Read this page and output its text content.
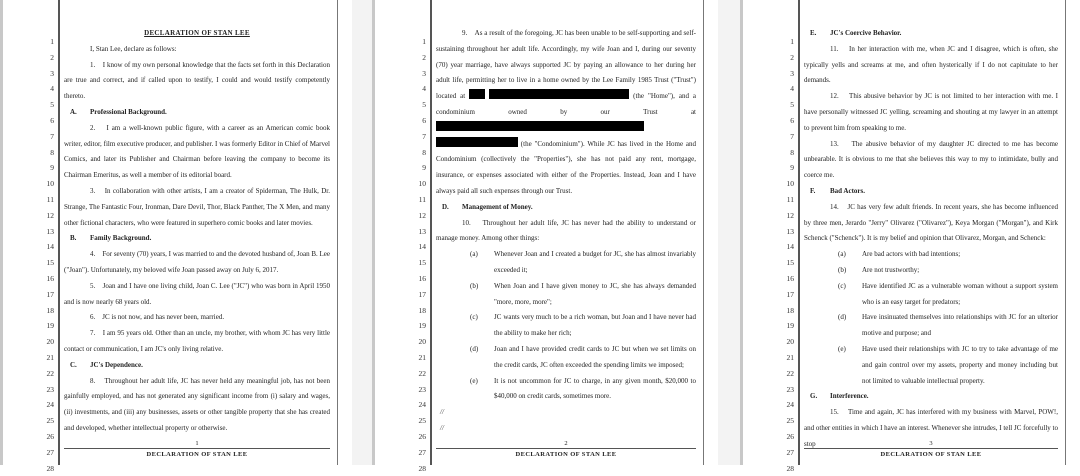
1
2
3
4
5
6
7
8
9
10
11
12
13
14
15
16
17
18
19
20
21
22
23
24
25
26
27
28

DECLARATION OF STAN LEE

I, Stan Lee, declare as follows:

1. I know of my own personal knowledge that the facts set forth in this Declaration are true and correct, and if called upon to testify, I could and would testify competently thereto.

A. Professional Background.

2. I am a well-known public figure, with a career as an American comic book writer, editor, film executive producer, and publisher. I was formerly Editor in Chief of Marvel Comics, and later its Publisher and Chairman before leaving the company to become its Chairman Emeritus, as well a member of its editorial board.

3. In collaboration with other artists, I am a creator of Spiderman, The Hulk, Dr. Strange, The Fantastic Four, Ironman, Dare Devil, Thor, Black Panther, The X Men, and many other fictional characters, who were featured in superhero comic books and later movies.

B. Family Background.

4. For seventy (70) years, I was married to and the devoted husband of, Joan B. Lee ("Joan"). Unfortunately, my beloved wife Joan passed away on July 6, 2017.

5. Joan and I have one living child, Joan C. Lee ("JC") who was born in April 1950 and is now nearly 68 years old.

6. JC is not now, and has never been, married.

7. I am 95 years old. Other than an uncle, my brother, with whom JC has very little contact or communication, I am JC's only living relative.

C. JC's Dependence.

8. Throughout her adult life, JC has never held any meaningful job, has not been gainfully employed, and has not generated any significant income from (i) salary and wages, (ii) investments, and (iii) any businesses, assets or other tangible property that she has created and developed, whether intellectual property or otherwise.

1
DECLARATION OF STAN LEE
1
2
3
4
5
6
7
8
9
10
11
12
13
14
15
16
17
18
19
20
21
22
23
24
25
26
27
28

9. As a result of the foregoing, JC has been unable to be self-supporting and self-sustaining throughout her adult life. Accordingly, my wife Joan and I, during our seventy (70) year marriage, have always supported JC by paying an allowance to her during her adult life, permitting her to live in a home owned by the Lee Family 1985 Trust ("Trust") located at	(the "Home"), and a condominium owned by our Trust at   (the "Condominium"). While JC has lived in the Home and Condominium (collectively the "Properties"), she has not paid any rent, mortgage, insurance, or expenses associated with either of the Properties. Instead, Joan and I have always paid all such expenses through our Trust.

D. Management of Money.

10. Throughout her adult life, JC has never had the ability to understand or manage money. Among other things:

(a) Whenever Joan and I created a budget for JC, she has almost invariably exceeded it;

(b) When Joan and I have given money to JC, she has always demanded "more, more, more";

(c) JC wants very much to be a rich woman, but Joan and I have never had the ability to make her rich;

(d) Joan and I have provided credit cards to JC but when we set limits on the credit cards, JC often exceeded the spending limits we imposed;

(e) It is not uncommon for JC to charge, in any given month, $20,000 to $40,000 on credit cards, sometimes more.

//

//

2
DECLARATION OF STAN LEE
1
2
3
4
5
6
7
8
9
10
11
12
13
14
15
16
17
18
19
20
21
22
23
24
25
26
27
28

E. JC's Coercive Behavior.

11. In her interaction with me, when JC and I disagree, which is often, she typically yells and screams at me, and often hysterically if I do not capitulate to her demands.

12. This abusive behavior by JC is not limited to her interaction with me. I have personally witnessed JC yelling, screaming and shouting at my lawyer in an attempt to prevent him from speaking to me.

13. The abusive behavior of my daughter JC directed to me has become unbearable. It is obvious to me that she believes this way to my to intimidate, bully and coerce me.

F. Bad Actors.

14. JC has very few adult friends. In recent years, she has become influenced by three men, Jerardo "Jerry" Olivarez ("Olivarez"), Keya Morgan ("Morgan"), and Kirk Schenck ("Schenck"). It is my belief and opinion that Olivarez, Morgan, and Schenck:

(a) Are bad actors with bad intentions;

(b) Are not trustworthy;

(c) Have identified JC as a vulnerable woman without a support system who is an easy target for predators;

(d) Have insinuated themselves into relationships with JC for an ulterior motive and purpose; and

(e) Have used their relationships with JC to try to take advantage of me and gain control over my assets, property and money including but not limited to valuable intellectual property.

G. Interference.

15. Time and again, JC has interfered with my business with Marvel, POW!, and other entities in which I have an interest. Whenever she intrudes, I tell JC forcefully to stop	3
DECLARATION OF STAN LEE
